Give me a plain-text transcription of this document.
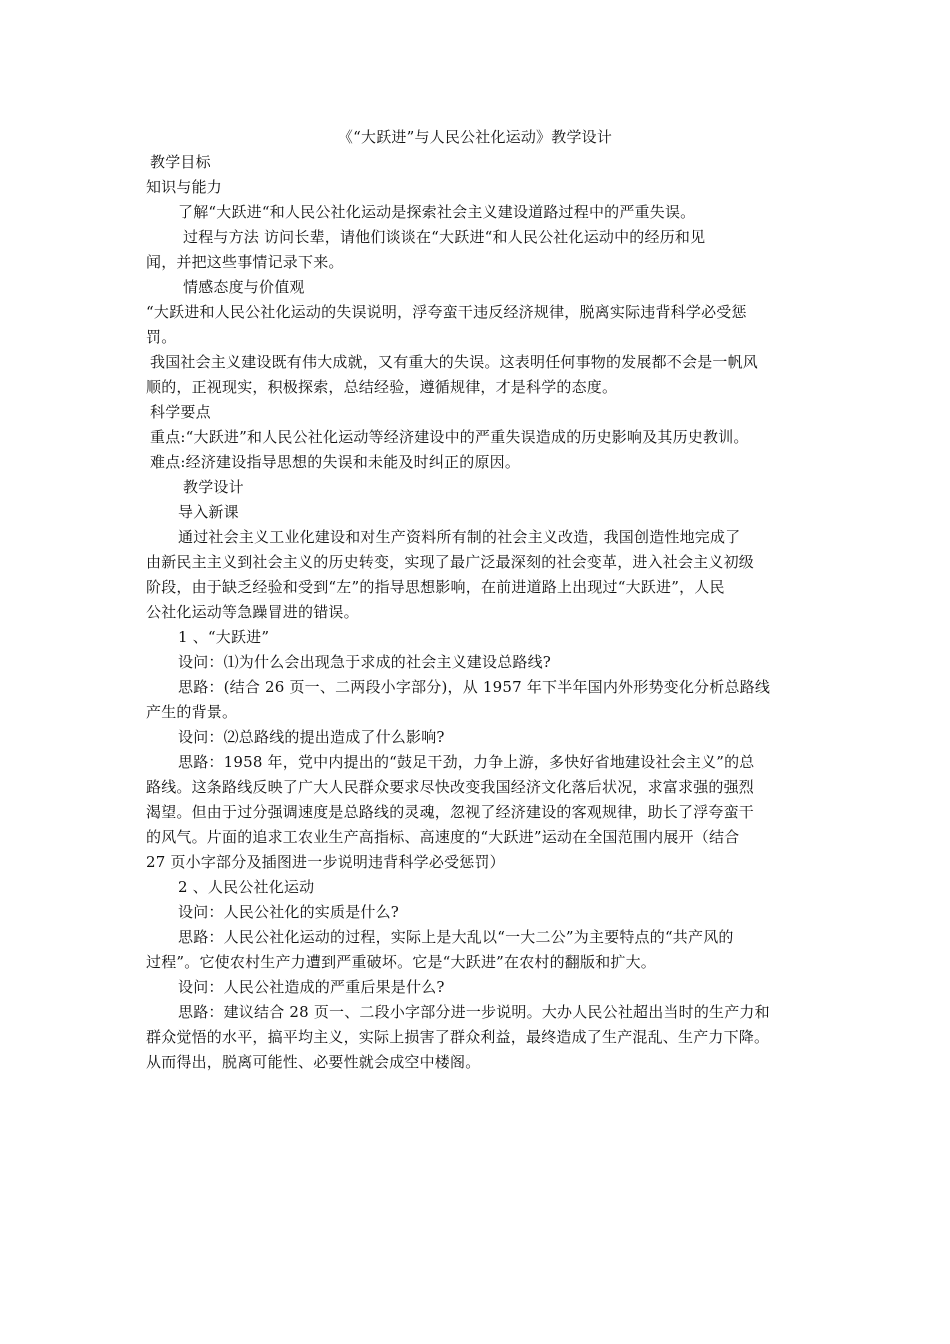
《“大跃进”与人民公社化运动》教学设计
教学目标
知识与能力
了解“大跃进“和人民公社化运动是探索社会主义建设道路过程中的严重失误。
过程与方法 访问长辈，请他们谈谈在“大跃进“和人民公社化运动中的经历和见
闻，并把这些事情记录下来。
情感态度与价值观
“大跃进和人民公社化运动的失误说明，浮夸蛮干违反经济规律，脱离实际违背科学必受惩
罚。
我国社会主义建设既有伟大成就，又有重大的失误。这表明任何事物的发展都不会是一帆风
顺的，正视现实，积极探索，总结经验，遵循规律，才是科学的态度。
科学要点
重点:“大跃进”和人民公社化运动等经济建设中的严重失误造成的历史影响及其历史教训。
难点:经济建设指导思想的失误和未能及时纠正的原因。
教学设计
导入新课
通过社会主义工业化建设和对生产资料所有制的社会主义改造，我国创造性地完成了
由新民主主义到社会主义的历史转变，实现了最广泛最深刻的社会变革，进入社会主义初级
阶段，由于缺乏经验和受到“左”的指导思想影响，在前进道路上出现过“大跃进”，人民
公社化运动等急躁冒进的错误。
1 、“大跃进”
设问：⑴为什么会出现急于求成的社会主义建设总路线?
思路：(结合 26 页一、二两段小字部分)，从 1957 年下半年国内外形势变化分析总路线
产生的背景。
设问：⑵总路线的提出造成了什么影响?
思路：1958 年，党中内提出的“鼓足干劲，力争上游，多快好省地建设社会主义”的总
路线。这条路线反映了广大人民群众要求尽快改变我国经济文化落后状况，求富求强的强烈
渴望。但由于过分强调速度是总路线的灵魂，忽视了经济建设的客观规律，助长了浮夸蛮干
的风气。片面的追求工农业生产高指标、高速度的“大跃进”运动在全国范围内展开（结合
27 页小字部分及插图进一步说明违背科学必受惩罚）
2 、人民公社化运动
设问：人民公社化的实质是什么?
思路：人民公社化运动的过程，实际上是大乱以“一大二公”为主要特点的“共产风的
过程”。它使农村生产力遭到严重破坏。它是“大跃进”在农村的翻版和扩大。
设问：人民公社造成的严重后果是什么?
思路：建议结合 28 页一、二段小字部分进一步说明。大办人民公社超出当时的生产力和
群众觉悟的水平，搞平均主义，实际上损害了群众利益，最终造成了生产混乱、生产力下降。
从而得出，脱离可能性、必要性就会成空中楼阁。
